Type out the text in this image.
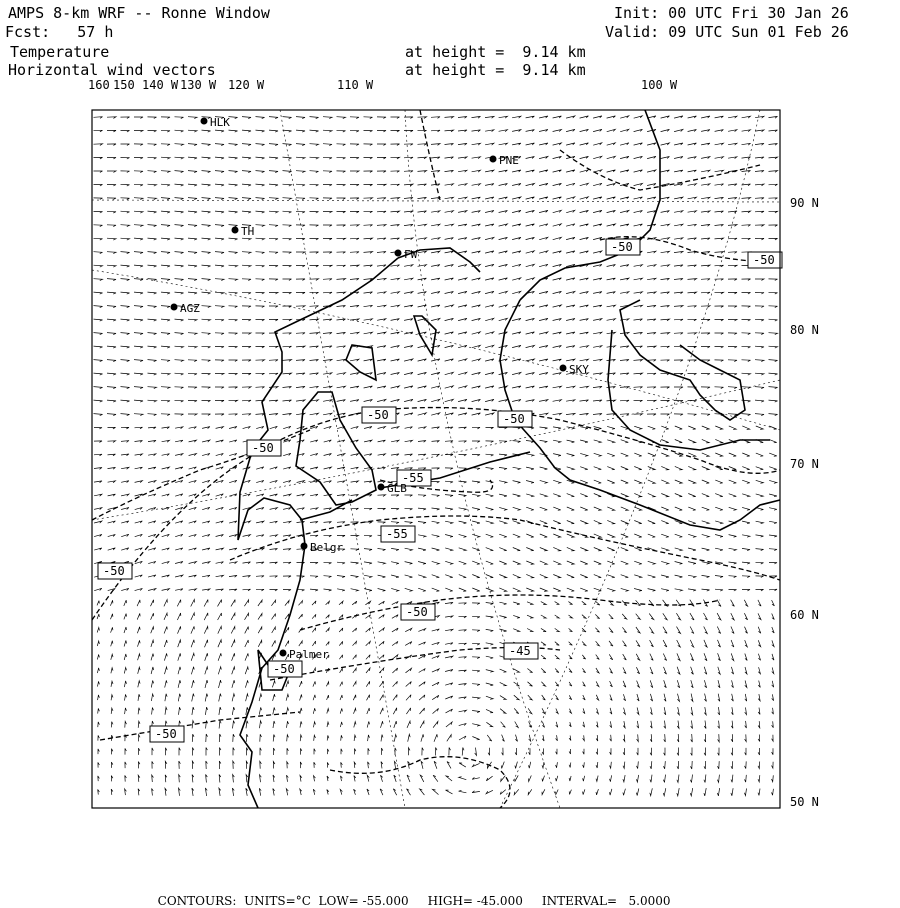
AMPS 8-km WRF -- Ronne Window
Fcst:   57 h
Init: 00 UTC Fri 30 Jan 26
Valid: 09 UTC Sun 01 Feb 26
Temperature
Horizontal wind vectors
at height =  9.14 km
at height =  9.14 km
-50
-50
-50
-50
-50
-55
-55
-50
-50
-45
-50
-50
HLK
PNE
TH
FW
AGZ
SKY
GLB
Belgr
Palmer
160 150 140 W 130 W 120 W	110 W	100 W
90 N
80 N
70 N
60 N
50 N

CONTOURS: UNITS=°C LOW= -55.000 HIGH= -45.000 INTERVAL=   5.0000
